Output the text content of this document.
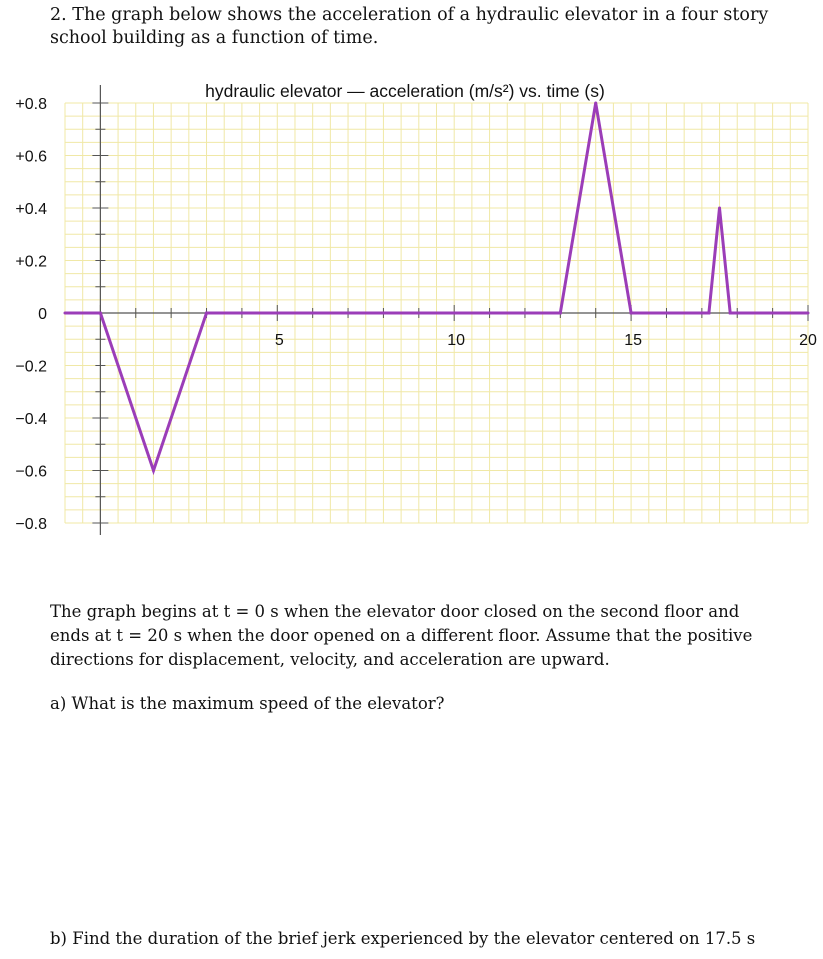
2. The graph below shows the acceleration of a hydraulic elevator in a four story
school building as a function of time.
+0.8
+0.6
+0.4
+0.2
0
−0.2
−0.4
−0.6
−0.8
5	10	15	20
hydraulic elevator — acceleration (m/s²) vs. time (s)
The graph begins at t = 0 s when the elevator door closed on the second floor and
ends at t = 20 s when the door opened on a different floor. Assume that the positive
directions for displacement, velocity, and acceleration are upward.
a) What is the maximum speed of the elevator?
b) Find the duration of the brief jerk experienced by the elevator centered on 17.5 s
